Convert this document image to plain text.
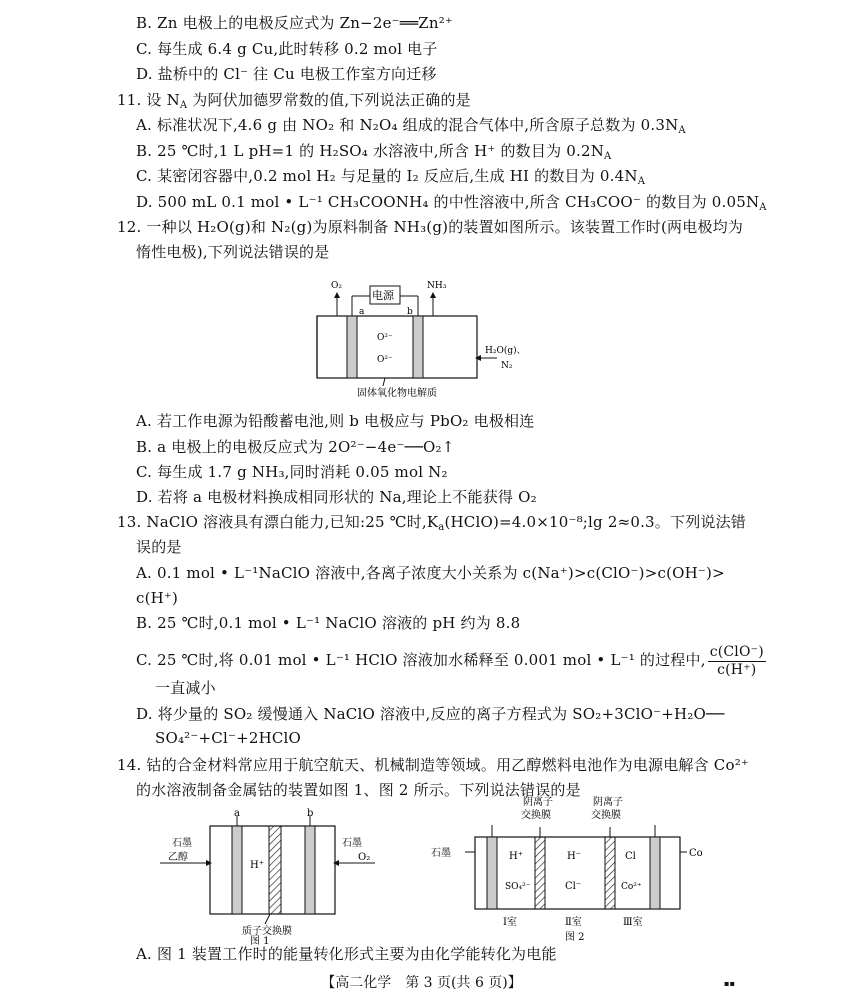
B. Zn 电极上的电极反应式为 Zn−2e⁻══Zn²⁺
C. 每生成 6.4 g Cu,此时转移 0.2 mol 电子
D. 盐桥中的 Cl⁻ 往 Cu 电极工作室方向迁移
11. 设 $N_A$ 为阿伏加德罗常数的值,下列说法正确的是
A. 标准状况下,4.6 g 由 NO₂ 和 N₂O₄ 组成的混合气体中,所含原子总数为 $0.3N_A$
B. 25 ℃时,1 L pH=1 的 H₂SO₄ 水溶液中,所含 H⁺ 的数目为 $0.2N_A$
C. 某密闭容器中,0.2 mol H₂ 与足量的 I₂ 反应后,生成 HI 的数目为 $0.4N_A$
D. 500 mL 0.1 mol • L⁻¹ CH₃COONH₄ 的中性溶液中,所含 CH₃COO⁻ 的数目为 $0.05N_A$
12. 一种以 H₂O(g)和 N₂(g)为原料制备 NH₃(g)的装置如图所示。该装置工作时(两电极均为
惰性电极),下列说法错误的是
O₂
电源
NH₃
a	b
O²⁻
O²⁻
H₂O(g)、
N₂
固体氧化物电解质
A. 若工作电源为铅酸蓄电池,则 b 电极应与 PbO₂ 电极相连
B. a 电极上的电极反应式为 2O²⁻−4e⁻──O₂↑
C. 每生成 1.7 g NH₃,同时消耗 0.05 mol N₂
D. 若将 a 电极材料换成相同形状的 Na,理论上不能获得 O₂
13. NaClO 溶液具有漂白能力,已知:25 ℃时$,K_a(HClO)=4.0\times 10^{-8};\lg$ 2≈0.3。下列说法错
误的是
A. 0.1 mol • L⁻¹NaClO 溶液中,各离子浓度大小关系为 c(Na⁺)>c(ClO⁻)>c(OH⁻)>
c(H⁺)
B. 25 ℃时,0.1 mol • L⁻¹ NaClO 溶液的 pH 约为 8.8
C. 25 ℃时,将 0.01 mol • L⁻¹ HClO 溶液加水稀释至 0.001 mol • L⁻¹ 的过程中, $\frac{\text{c(ClO⁻)}}{c(H^+)}$
一直减小
D. 将少量的 SO₂ 缓慢通入 NaClO 溶液中,反应的离子方程式为 SO₂+3ClO⁻+H₂O──
SO₄²⁻+Cl⁻+2HClO
14. 钴的合金材料常应用于航空航天、机械制造等领域。用乙醇燃料电池作为电源电解含 Co²⁺
的水溶液制备金属钴的装置如图 1、图 2 所示。下列说法错误的是
a	b
石墨	石墨
乙醇
H⁺
O₂
质子交换膜
图 1
阴离子
交换膜
阴离子
交换膜
石墨	Co
H⁺
SO₄²⁻
H⁻
Cl⁻
Cl
Co²⁺
Ⅰ室	Ⅱ室	Ⅲ室
图 2
A. 图 1 装置工作时的能量转化形式主要为由化学能转化为电能
【高二化学　第 3 页(共 6 页)】	▪▪
